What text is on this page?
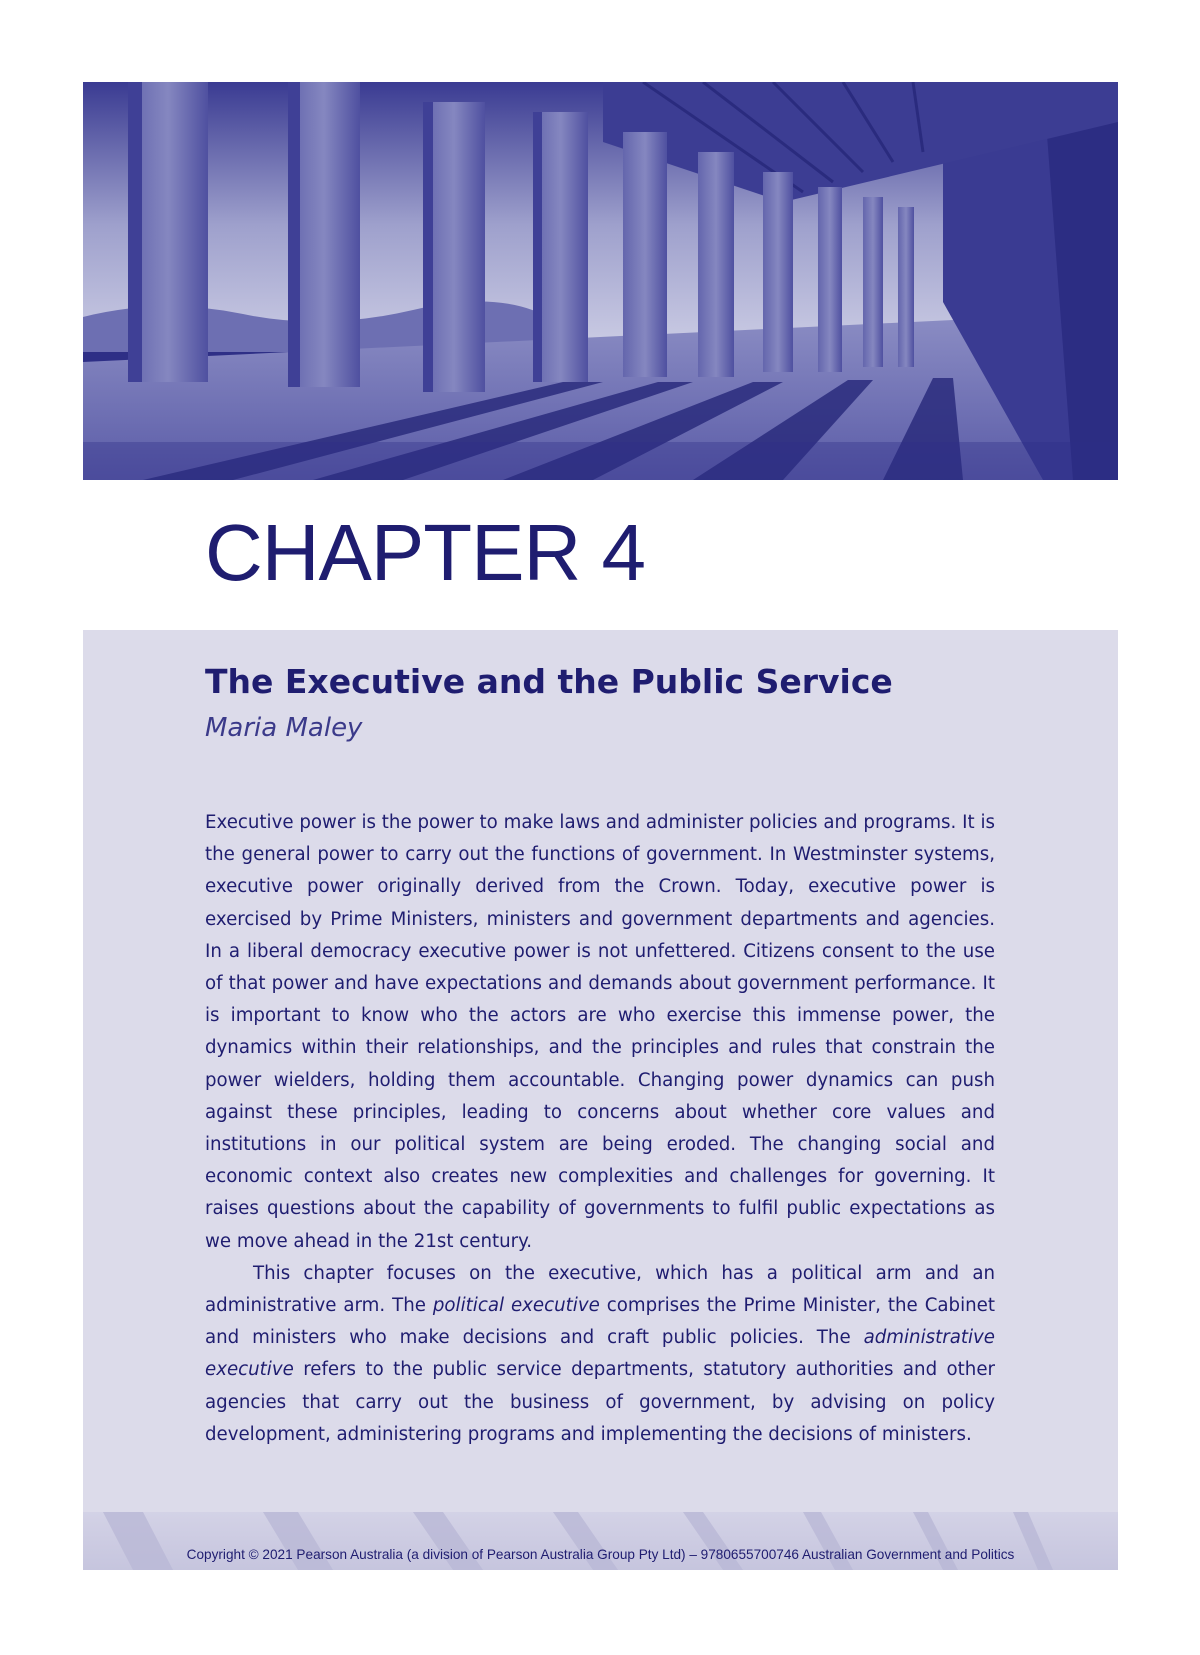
CHAPTER 4
The Executive and the Public Service

Maria Maley

Executive power is the power to make laws and administer policies and programs. It is the general power to carry out the functions of government. In Westminster systems, executive power originally derived from the Crown. Today, executive power is exercised by Prime Ministers, ministers and government departments and agencies. In a liberal democracy executive power is not unfettered. Citizens consent to the use of that power and have expectations and demands about government performance. It is important to know who the actors are who exercise this immense power, the dynamics within their relationships, and the principles and rules that constrain the power wielders, holding them accountable. Changing power dynamics can push against these principles, leading to concerns about whether core values and institutions in our political system are being eroded. The changing social and economic context also creates new complexities and challenges for governing. It raises questions about the capability of governments to fulfil public expectations as we move ahead in the 21st century.

This chapter focuses on the executive, which has a political arm and an administrative arm. The political executive comprises the Prime Minister, the Cabinet and ministers who make decisions and craft public policies. The administrative executive refers to the public service departments, statutory authorities and other agencies that carry out the business of government, by advising on policy development, administering programs and implementing the decisions of ministers.

Copyright © 2021 Pearson Australia (a division of Pearson Australia Group Pty Ltd) – 9780655700746 Australian Government and Politics
